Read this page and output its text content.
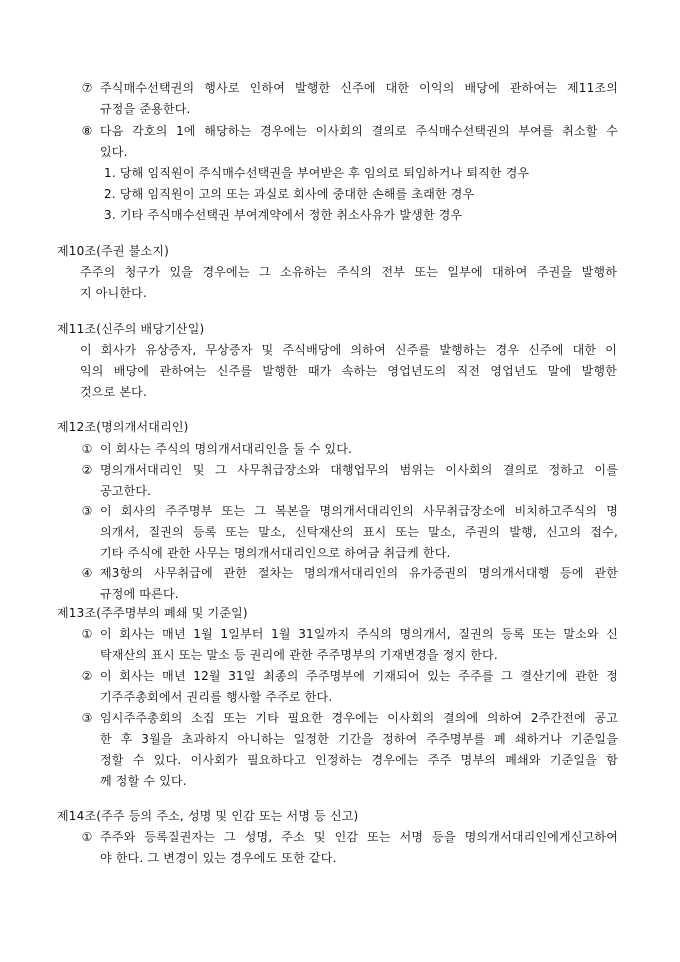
⑦ 주식매수선택권의 행사로 인하여 발행한 신주에 대한 이익의 배당에 관하여는 제11조의
규정을 준용한다.
⑧ 다음 각호의 1에 해당하는 경우에는 이사회의 결의로 주식매수선택권의 부여를 취소할 수
있다.
1. 당해 임직원이 주식매수선택권을 부여받은 후 임의로 퇴임하거나 퇴직한 경우
2. 당해 임직원이 고의 또는 과실로 회사에 중대한 손해를 초래한 경우
3. 기타 주식매수선택권 부여계약에서 정한 취소사유가 발생한 경우
제10조(주권 불소지)
주주의 청구가 있을 경우에는 그 소유하는 주식의 전부 또는 일부에 대하여 주권을 발행하
지 아니한다.
제11조(신주의 배당기산일)
이 회사가 유상증자, 무상증자 및 주식배당에 의하여 신주를 발행하는 경우 신주에 대한 이
익의 배당에 관하여는 신주를 발행한 때가 속하는 영업년도의 직전 영업년도 말에 발행한
것으로 본다.
제12조(명의개서대리인)
① 이 회사는 주식의 명의개서대리인을 둘 수 있다.
② 명의개서대리인 및 그 사무취급장소와 대행업무의 범위는 이사회의 결의로 정하고 이를
공고한다.
③ 이 회사의 주주명부 또는 그 복본을 명의개서대리인의 사무취급장소에 비치하고주식의 명
의개서, 질권의 등록 또는 말소, 신탁재산의 표시 또는 말소, 주권의 발행, 신고의 접수,
기타 주식에 관한 사무는 명의개서대리인으로 하여금 취급케 한다.
④ 제3항의 사무취급에 관한 절차는 명의개서대리인의 유가증권의 명의개서대행 등에 관한
규정에 따른다.
제13조(주주명부의 폐쇄 및 기준일)
① 이 회사는 매년 1월 1일부터 1월 31일까지 주식의 명의개서, 질권의 등록 또는 말소와 신
탁재산의 표시 또는 말소 등 권리에 관한 주주명부의 기재변경을 정지 한다.
② 이 회사는 매년 12월 31일 최종의 주주명부에 기재되어 있는 주주를 그 결산기에 관한 정
기주주총회에서 권리를 행사할 주주로 한다.
③ 임시주주총회의 소집 또는 기타 필요한 경우에는 이사회의 결의에 의하여 2주간전에 공고
한 후 3월을 초과하지 아니하는 일정한 기간을 정하여 주주명부를 폐 쇄하거나 기준일을
정할 수 있다. 이사회가 필요하다고 인정하는 경우에는 주주 명부의 폐쇄와 기준일을 함
께 정할 수 있다.
제14조(주주 등의 주소, 성명 및 인감 또는 서명 등 신고)
① 주주와 등록질권자는 그 성명, 주소 및 인감 또는 서명 등을 명의개서대리인에게신고하여
야 한다. 그 변경이 있는 경우에도 또한 같다.
